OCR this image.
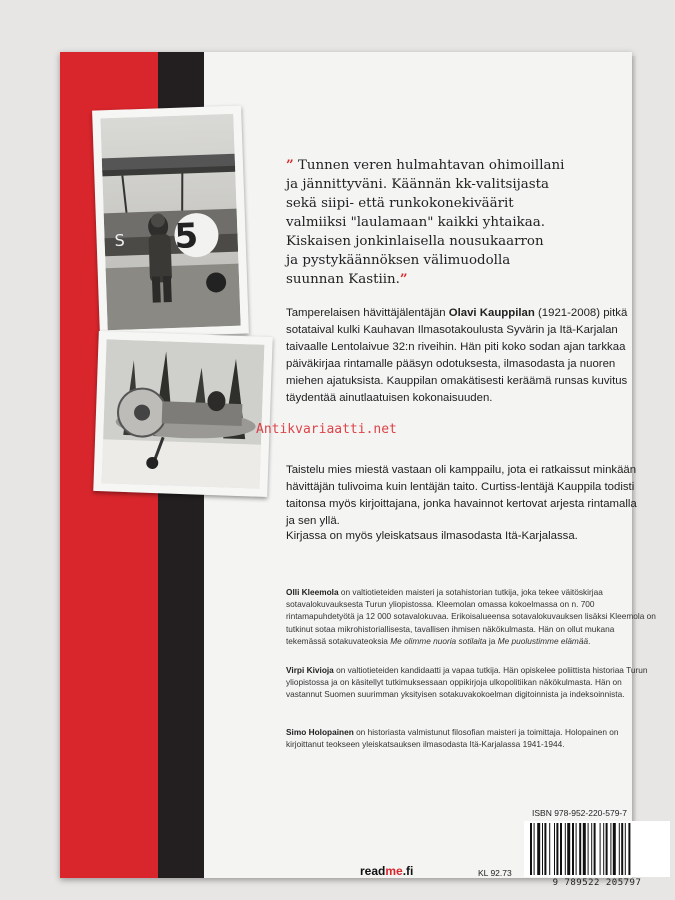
5
S
” Tunnen veren hulmahtavan ohimoillani
ja jännittyväni. Käännän kk-valitsijasta
sekä siipi- että runkokonekiväärit
valmiiksi "laulamaan" kaikki yhtaikaa.
Kiskaisen jonkinlaisella nousukaarron
ja pystykäännöksen välimuodolla
suunnan Kastiin.”
Tamperelaisen hävittäjälentäjän Olavi Kauppilan (1921-2008) pitkä sotataival kulki Kauhavan Ilmasotakoulusta Syvärin ja Itä-Karjalan taivaalle Lentolaivue 32:n riveihin. Hän piti koko sodan ajan tarkkaa päiväkirjaa rintamalle pääsyn odotuksesta, ilmasodasta ja nuoren miehen ajatuksista. Kauppilan omakätisesti keräämä runsas kuvitus täydentää ainutlaatuisen kokonaisuuden.
Taistelu mies miestä vastaan oli kamppailu, jota ei ratkaissut minkään hävittäjän tulivoima kuin lentäjän taito. Curtiss-lentäjä Kauppila todisti taitonsa myös kirjoittajana, jonka havainnot kertovat arjesta rintamalla ja sen yllä.
Kirjassa on myös yleiskatsaus ilmasodasta Itä-Karjalassa.
Olli Kleemola on valtiotieteiden maisteri ja sotahistorian tutkija, joka tekee väitöskirjaa sotavalokuvauksesta Turun yliopistossa. Kleemolan omassa kokoelmassa on n. 700 rintamapuhdetyötä ja 12 000 sotavalokuvaa. Erikoisalueensa sotavalokuvauksen lisäksi Kleemola on tutkinut sotaa mikrohistoriallisesta, tavallisen ihmisen näkökulmasta. Hän on ollut mukana tekemässä sotakuvateoksia Me olimme nuoria sotilaita ja Me puolustimme elämää.
Virpi Kivioja on valtiotieteiden kandidaatti ja vapaa tutkija. Hän opiskelee poliittista historiaa Turun yliopistossa ja on käsitellyt tutkimuksessaan oppikirjoja ulkopolitiikan näkökulmasta. Hän on vastannut Suomen suurimman yksityisen sotakuvakokoelman digitoinnista ja indeksoinnista.
Simo Holopainen on historiasta valmistunut filosofian maisteri ja toimittaja. Holopainen on kirjoittanut teokseen yleiskatsauksen ilmasodasta Itä-Karjalassa 1941-1944.
Antikvariaatti.net
readme.fi	KL 92.73
ISBN 978-952-220-579-7
9 789522 205797
